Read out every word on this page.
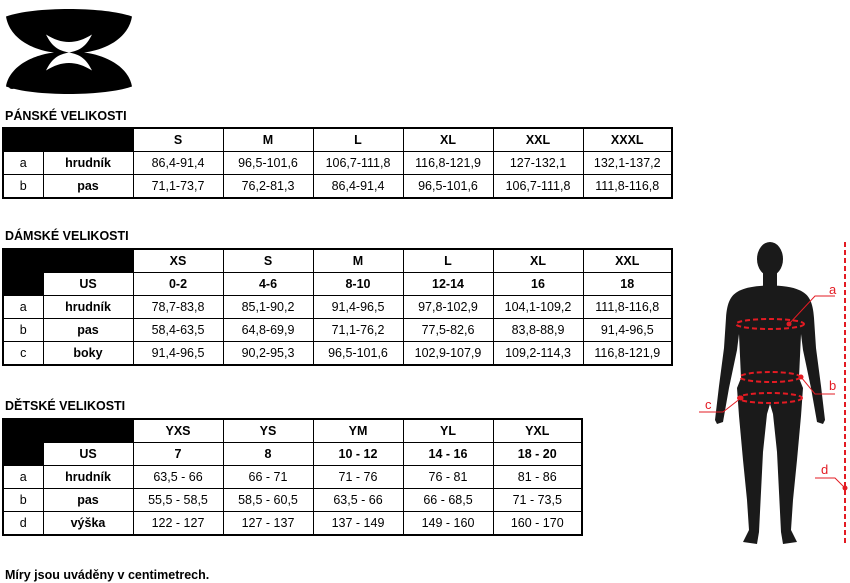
UNDER ARMOUR
PÁNSKÉ VELIKOSTI
		S	M	L	XL	XXL	XXXL
a	hrudník	86,4-91,4	96,5-101,6	106,7-111,8	116,8-121,9	127-132,1	132,1-137,2
b	pas	71,1-73,7	76,2-81,3	86,4-91,4	96,5-101,6	106,7-111,8	111,8-116,8
DÁMSKÉ VELIKOSTI
		XS	S	M	L	XL	XXL
	US	0-2	4-6	8-10	12-14	16	18
a	hrudník	78,7-83,8	85,1-90,2	91,4-96,5	97,8-102,9	104,1-109,2	111,8-116,8
b	pas	58,4-63,5	64,8-69,9	71,1-76,2	77,5-82,6	83,8-88,9	91,4-96,5
c	boky	91,4-96,5	90,2-95,3	96,5-101,6	102,9-107,9	109,2-114,3	116,8-121,9
DĚTSKÉ VELIKOSTI
		YXS	YS	YM	YL	YXL
	US	7	8	10 - 12	14 - 16	18 - 20
a	hrudník	63,5 - 66	66 - 71	71 - 76	76 - 81	81 - 86
b	pas	55,5 - 58,5	58,5 - 60,5	63,5 - 66	66 - 68,5	71 - 73,5
d	výška	122 - 127	127 - 137	137 - 149	149 - 160	160 - 170
a
b
c
d
Míry jsou uváděny v centimetrech.
